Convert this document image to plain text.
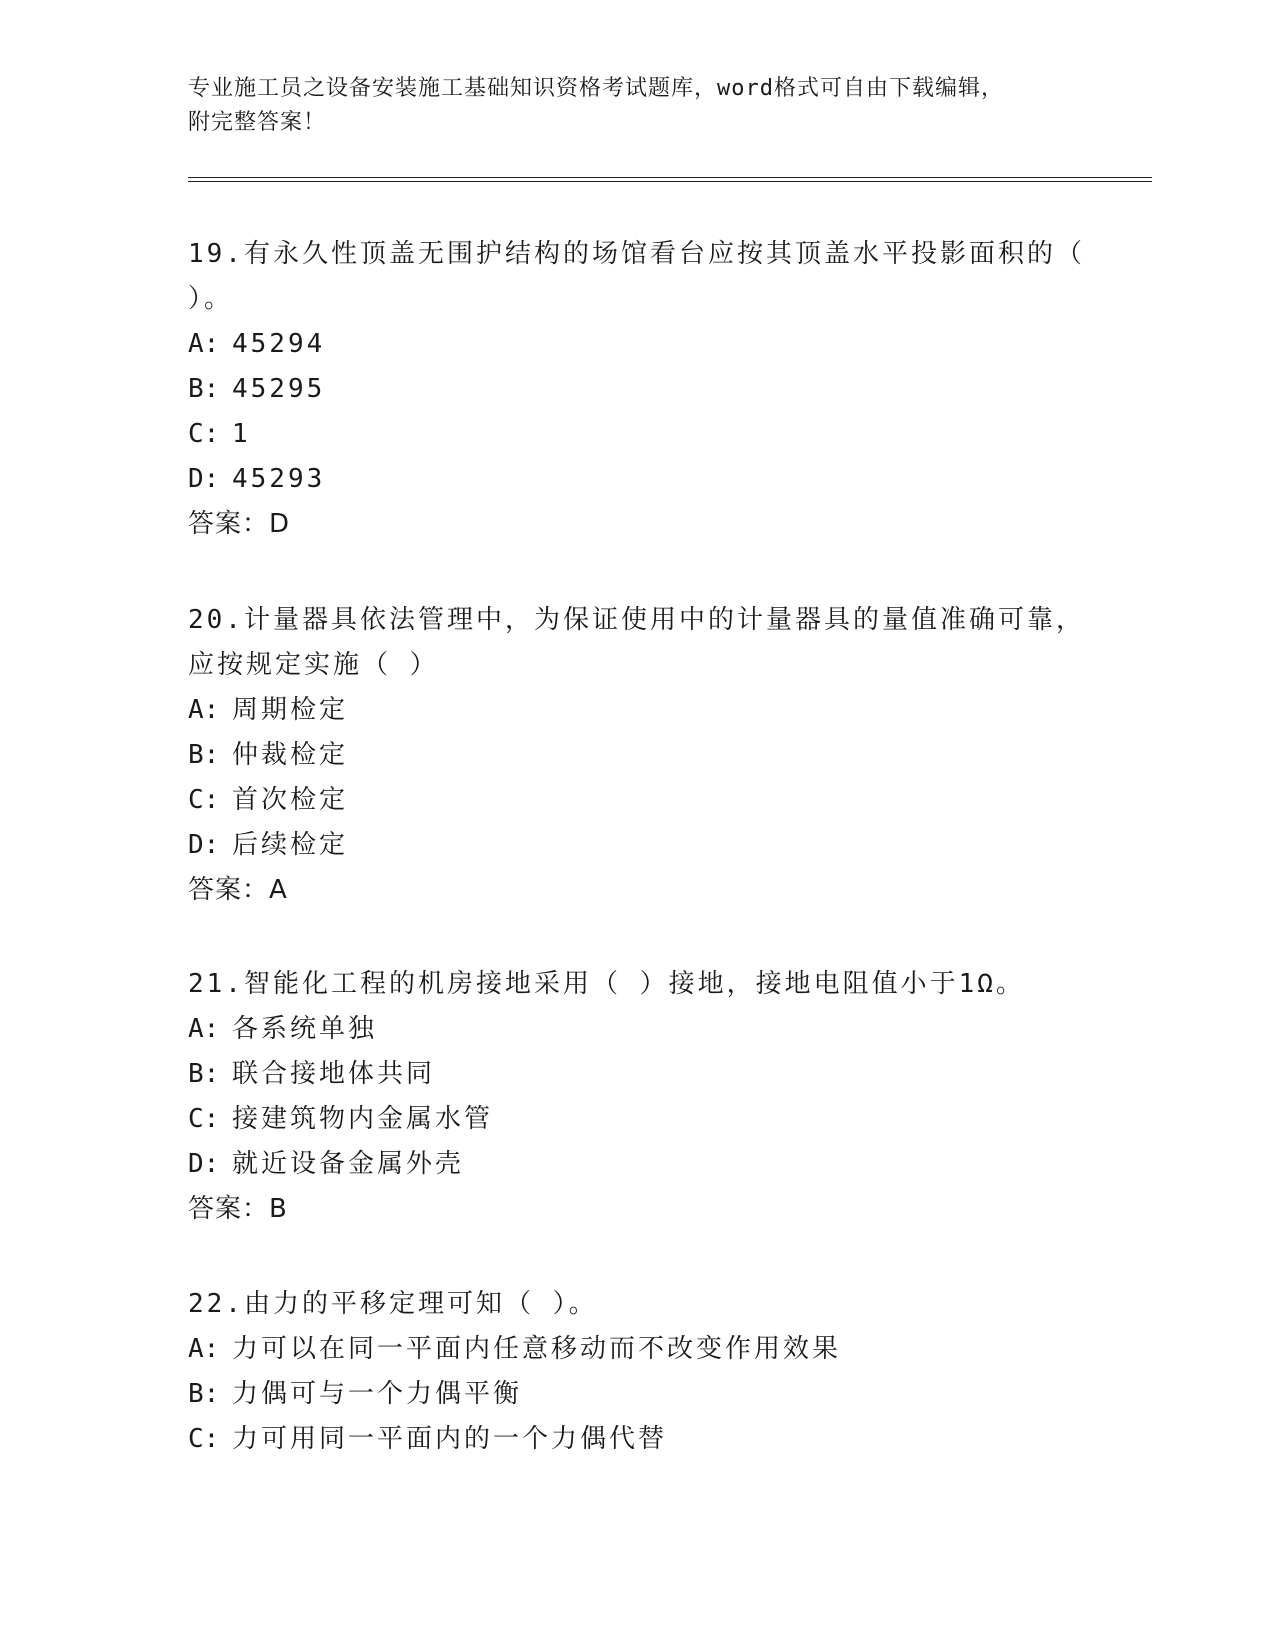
专业施工员之设备安装施工基础知识资格考试题库，word格式可自由下载编辑，
附完整答案！

19.有永久性顶盖无围护结构的场馆看台应按其顶盖水平投影面积的（

）。

A: 45294

B: 45295

C: 1

D: 45293

答案：D

20.计量器具依法管理中，为保证使用中的计量器具的量值准确可靠，

应按规定实施（ ）

A: 周期检定

B: 仲裁检定

C: 首次检定

D: 后续检定

答案：A

21.智能化工程的机房接地采用（ ）接地，接地电阻值小于1Ω。

A: 各系统单独

B: 联合接地体共同

C: 接建筑物内金属水管

D: 就近设备金属外壳

答案：B

22.由力的平移定理可知（ ）。

A: 力可以在同一平面内任意移动而不改变作用效果

B: 力偶可与一个力偶平衡

C: 力可用同一平面内的一个力偶代替
